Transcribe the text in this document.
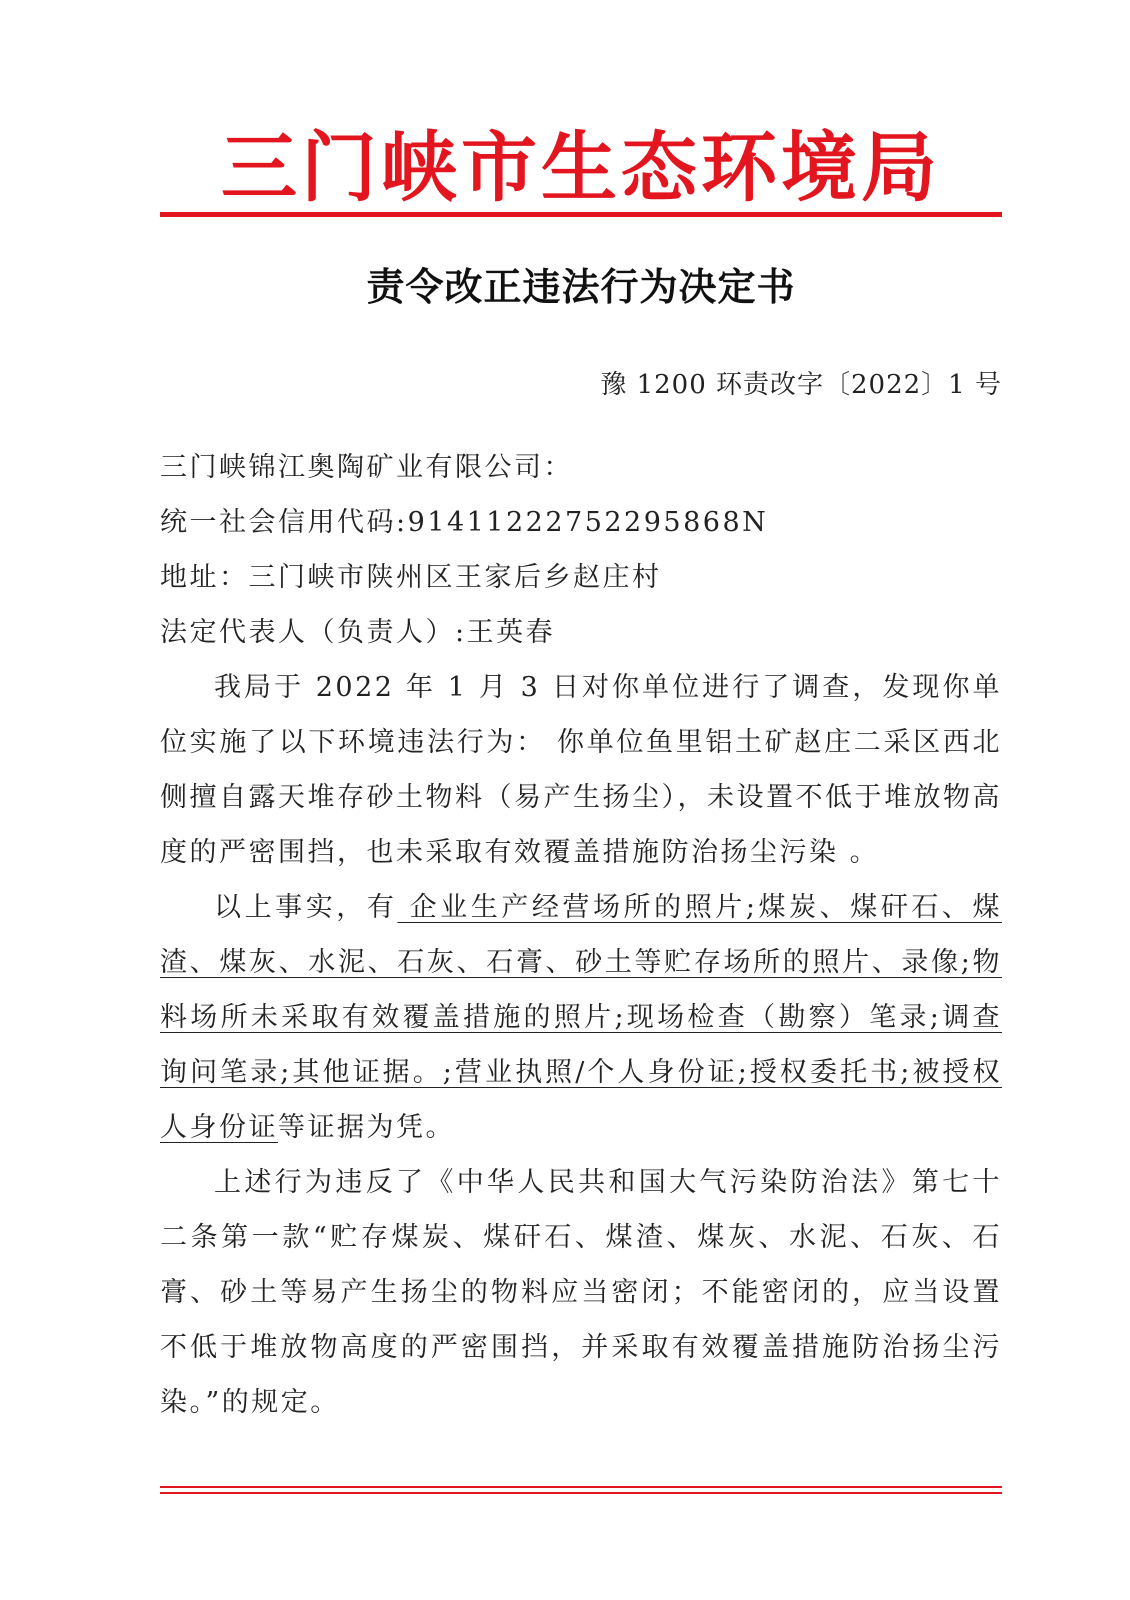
三门峡市生态环境局
责令改正违法行为决定书
豫 1200 环责改字〔2022〕1 号

三门峡锦江奥陶矿业有限公司：

统一社会信用代码:91411222752295868N

地址：三门峡市陕州区王家后乡赵庄村

法定代表人（负责人）:王英春

我局于 2022 年 1 月 3 日对你单位进行了调查，发现你单位实施了以下环境违法行为： 你单位鱼里铝土矿赵庄二采区西北侧擅自露天堆存砂土物料（易产生扬尘），未设置不低于堆放物高度的严密围挡，也未采取有效覆盖措施防治扬尘污染 。

以上事实，有 企业生产经营场所的照片;煤炭、煤矸石、煤渣、煤灰、水泥、石灰、石膏、砂土等贮存场所的照片、录像;物料场所未采取有效覆盖措施的照片;现场检查（勘察）笔录;调查询问笔录;其他证据。;营业执照/个人身份证;授权委托书;被授权人身份证等证据为凭。

上述行为违反了《中华人民共和国大气污染防治法》第七十二条第一款“贮存煤炭、煤矸石、煤渣、煤灰、水泥、石灰、石膏、砂土等易产生扬尘的物料应当密闭；不能密闭的，应当设置不低于堆放物高度的严密围挡，并采取有效覆盖措施防治扬尘污染。”的规定。
